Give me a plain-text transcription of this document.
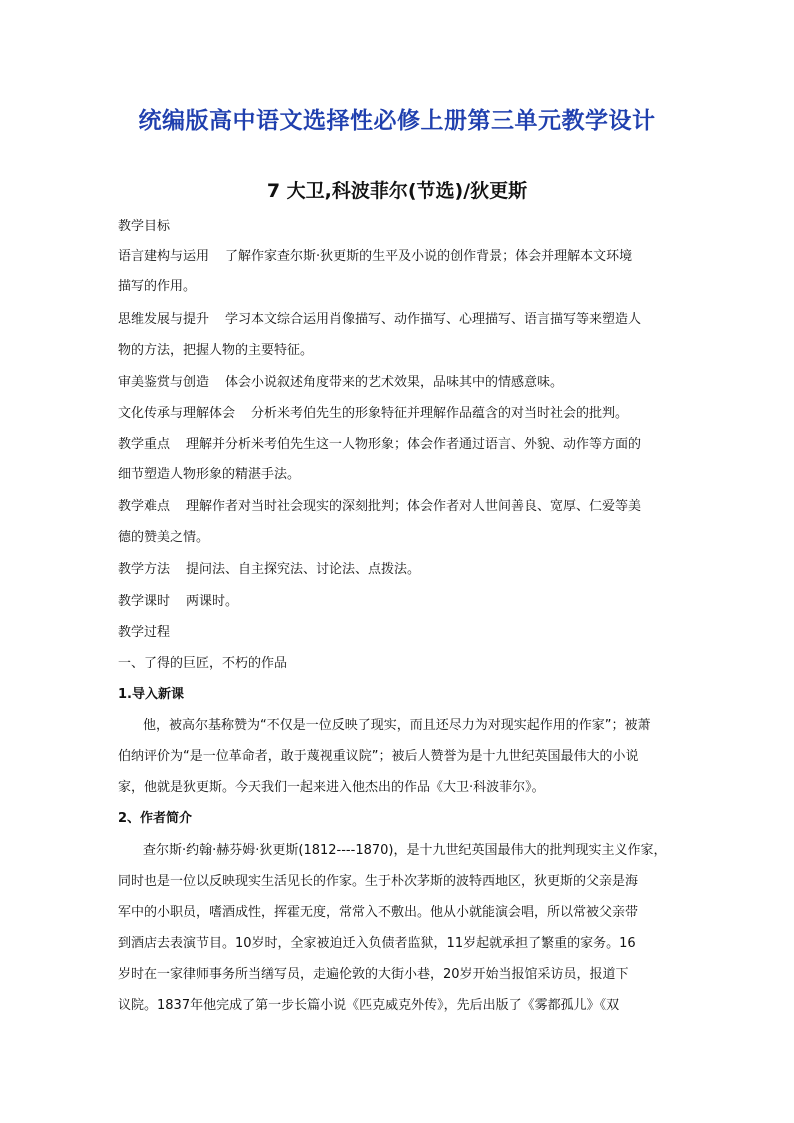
统编版高中语文选择性必修上册第三单元教学设计
7 大卫,科波菲尔(节选)/狄更斯
教学目标
语言建构与运用 了解作家查尔斯·狄更斯的生平及小说的创作背景；体会并理解本文环境
描写的作用。
思维发展与提升 学习本文综合运用肖像描写、动作描写、心理描写、语言描写等来塑造人
物的方法，把握人物的主要特征。
审美鉴赏与创造 体会小说叙述角度带来的艺术效果，品味其中的情感意味。
文化传承与理解体会 分析米考伯先生的形象特征并理解作品蕴含的对当时社会的批判。
教学重点 理解并分析米考伯先生这一人物形象；体会作者通过语言、外貌、动作等方面的
细节塑造人物形象的精湛手法。
教学难点 理解作者对当时社会现实的深刻批判；体会作者对人世间善良、宽厚、仁爱等美
德的赞美之情。
教学方法 提问法、自主探究法、讨论法、点拨法。
教学课时 两课时。
教学过程
一、了得的巨匠，不朽的作品
1.导入新课
他，被高尔基称赞为“不仅是一位反映了现实，而且还尽力为对现实起作用的作家”；被萧
伯纳评价为“是一位革命者，敢于蔑视重议院”；被后人赞誉为是十九世纪英国最伟大的小说
家，他就是狄更斯。今天我们一起来进入他杰出的作品《大卫·科波菲尔》。
2、作者简介
查尔斯·约翰·赫芬姆·狄更斯(1812----1870)，是十九世纪英国最伟大的批判现实主义作家，
同时也是一位以反映现实生活见长的作家。生于朴次茅斯的波特西地区，狄更斯的父亲是海
军中的小职员，嗜酒成性，挥霍无度，常常入不敷出。他从小就能演会唱，所以常被父亲带
到酒店去表演节目。10岁时，全家被迫迁入负债者监狱，11岁起就承担了繁重的家务。16
岁时在一家律师事务所当缮写员，走遍伦敦的大街小巷，20岁开始当报馆采访员，报道下
议院。1837年他完成了第一步长篇小说《匹克威克外传》，先后出版了《雾都孤儿》《双
